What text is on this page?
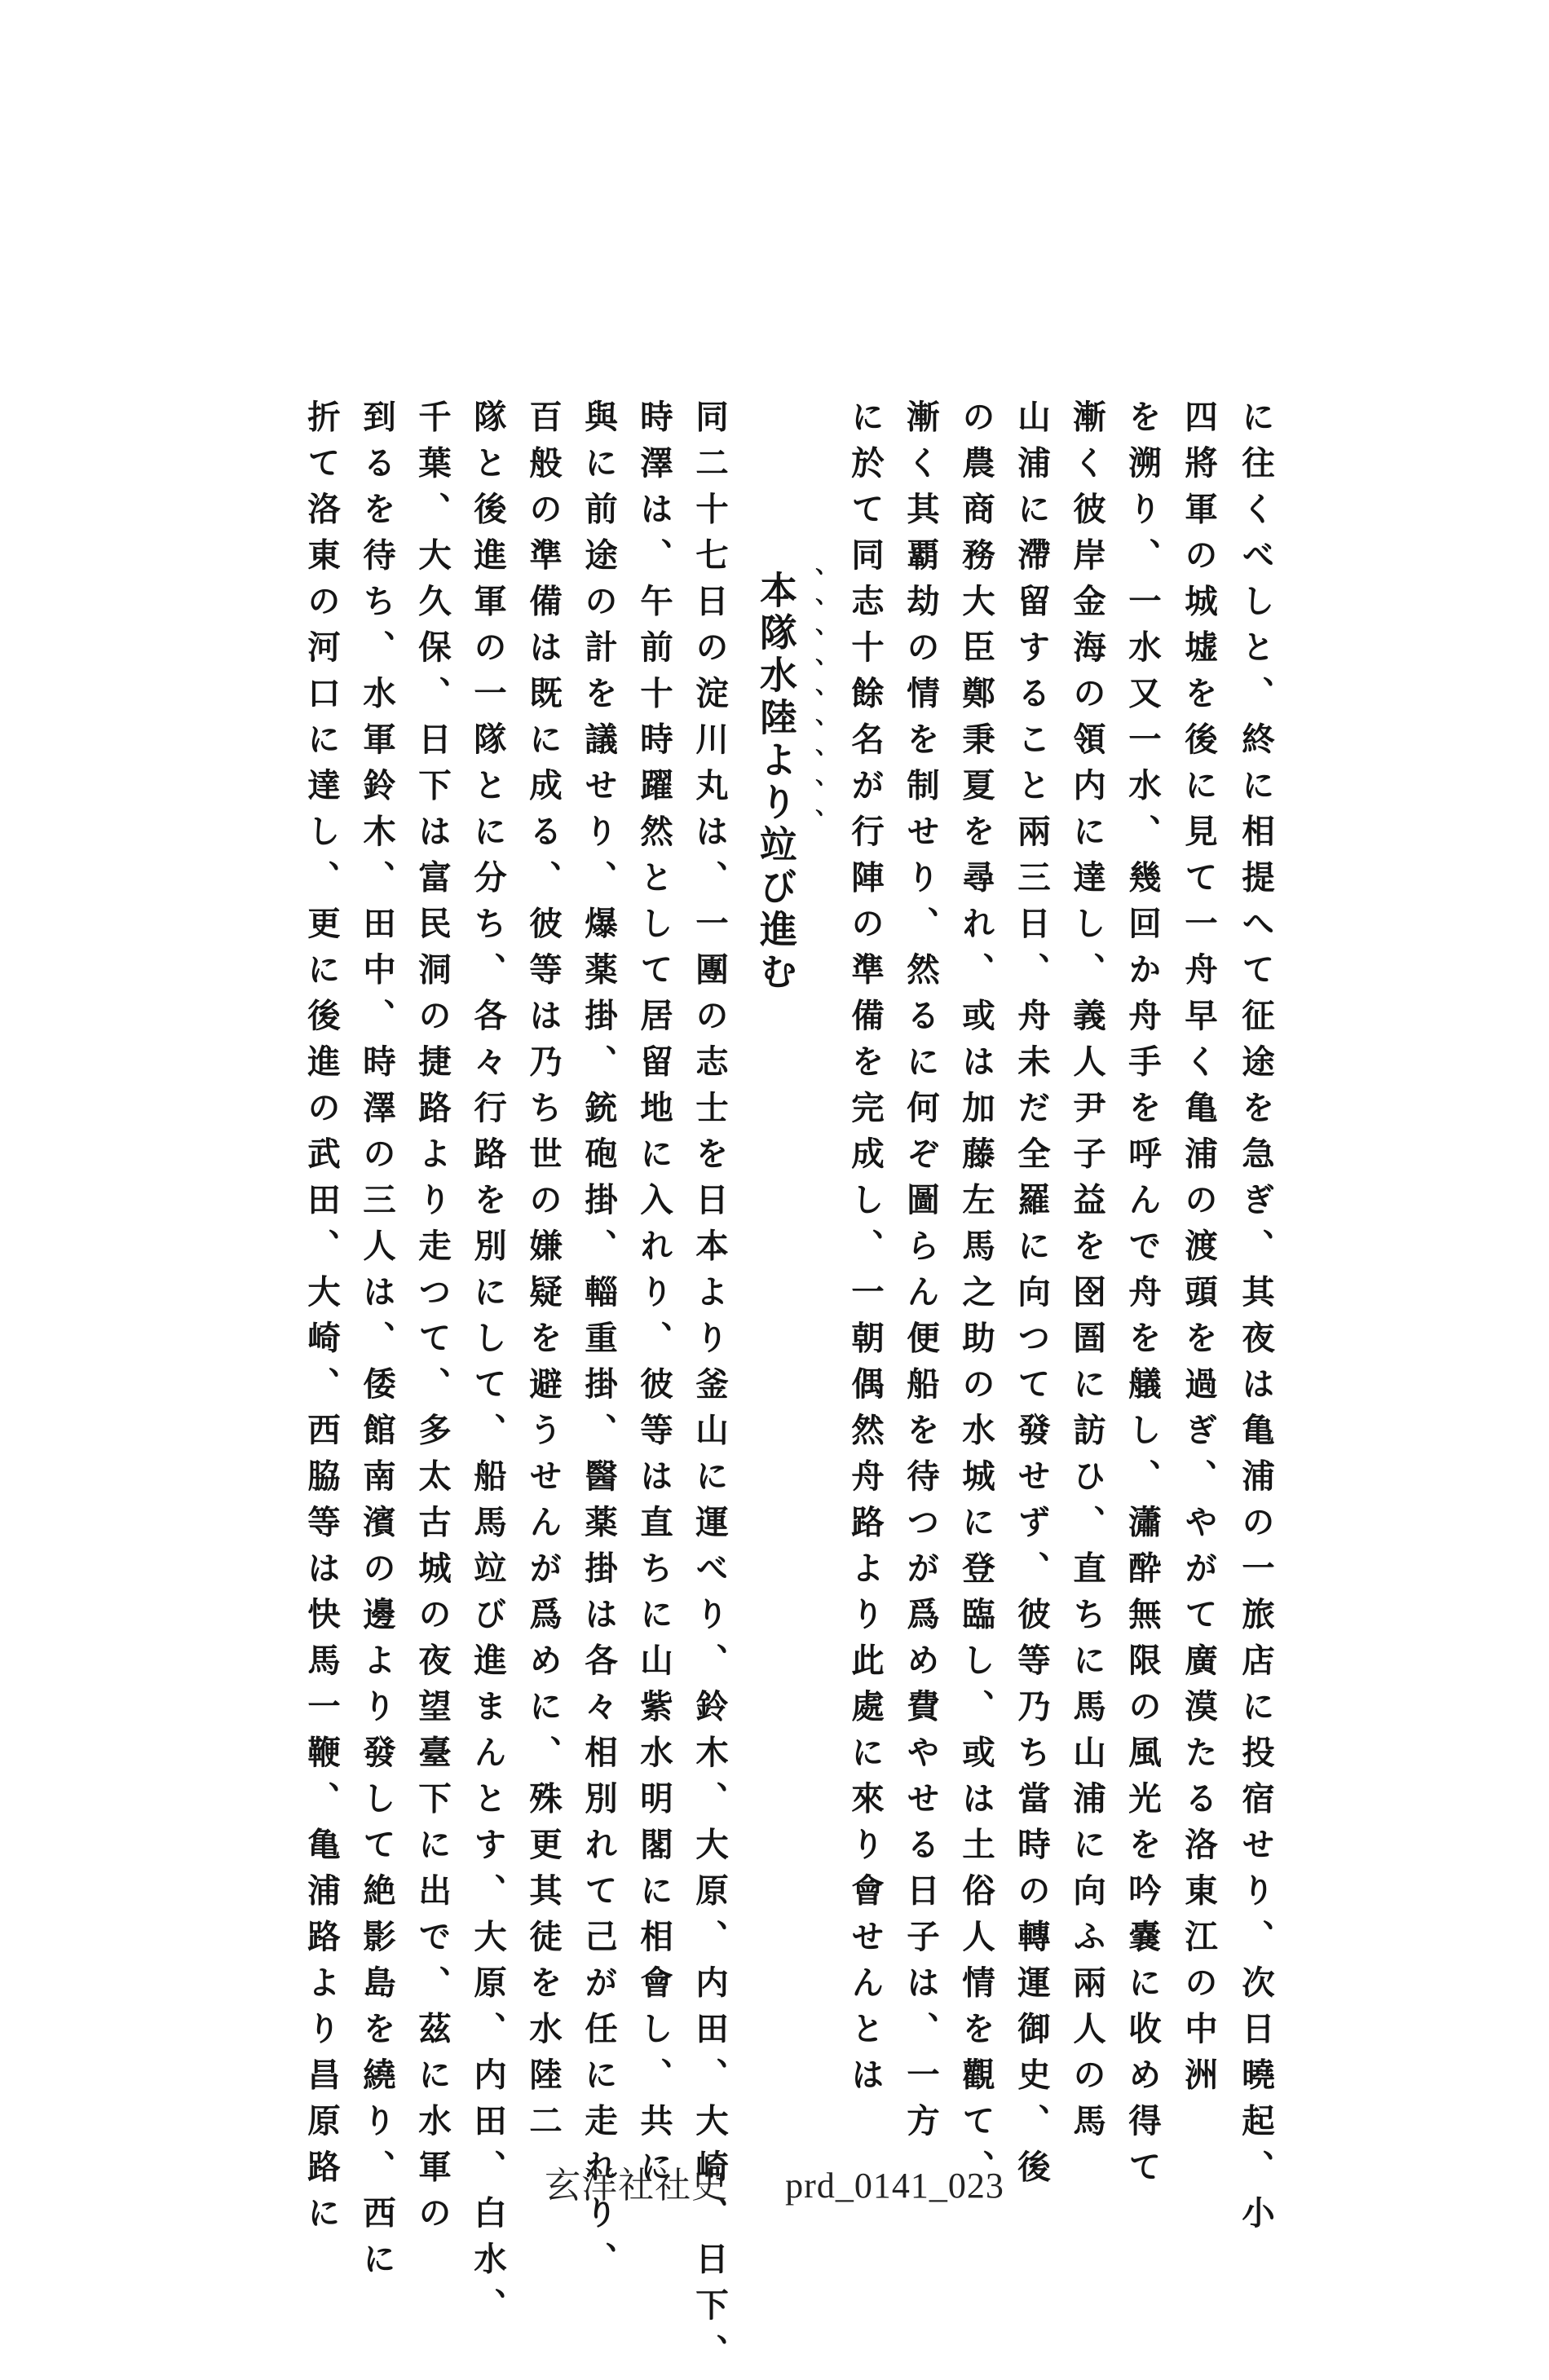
に往くべしと、終に相提へて征途を急ぎ、其夜は亀浦の一旅店に投宿せり、次日曉起、小

四將軍の城墟を後に見て一舟早く亀浦の渡頭を過ぎ、やがて廣漠たる洛東江の中洲

を溯り、一水又一水、幾回か舟手を呼んで舟を艤し、瀟酔無限の風光を吟嚢に收め得て

漸く彼岸金海の領内に達し、義人尹子益を囹圄に訪ひ、直ちに馬山浦に向ふ兩人の馬

山浦に滯留すること兩三日、舟未だ全羅に向つて發せず、彼等乃ち當時の轉運御史、後

の農商務大臣鄭秉夏を尋れ、或は加藤左馬之助の水城に登臨し、或は土俗人情を觀て、

漸く其覇劫の情を制せり、然るに何ぞ圖らん便船を待つが爲め費やせる日子は、一方

に於て同志十餘名が行陣の準備を完成し、一朝偶然舟路より此處に來り會せんとは

本隊水陸より竝び進む

、、、、、、、、、

同二十七日の淀川丸は、一團の志士を日本より釜山に運べり、鈴木、大原、内田、大崎、日下、

時澤は、午前十時躍然として居留地に入れり、彼等は直ちに山紫水明閣に相會し、共に

與に前途の計を議せり、爆薬掛、銃砲掛、輜重掛、醫薬掛は各々相別れて己が任に走れり、

百般の準備は既に成る、彼等は乃ち世の嫌疑を避うせんが爲めに、殊更其徒を水陸二

隊と後進軍の一隊とに分ち、各々行路を別にして、船馬竝び進まんとす、大原、内田、白水、

千葉、大久保、日下は富民洞の捷路より走つて、多太古城の夜望臺下に出で、茲に水軍の

到るを待ち、水軍鈴木、田中、時澤の三人は、倭館南濱の邊より發して絶影島を繞り、西に

折て洛東の河口に達し、更に後進の武田、大崎、西脇等は快馬一鞭、亀浦路より昌原路に	玄洋社社史 prd_0141_023
